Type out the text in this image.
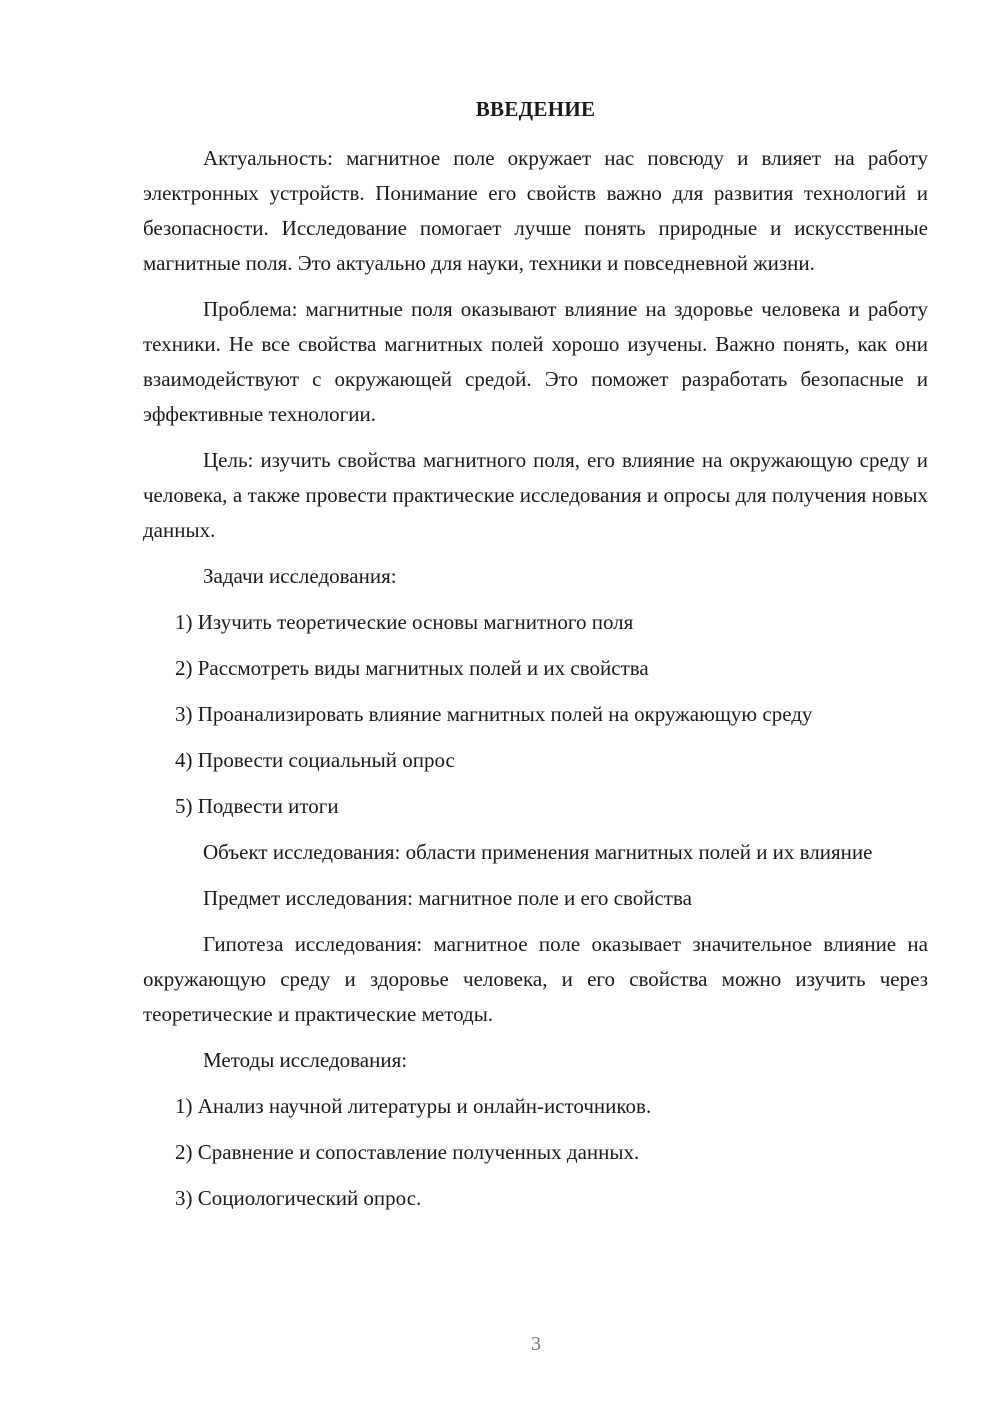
ВВЕДЕНИЕ

Актуальность: магнитное поле окружает нас повсюду и влияет на работу электронных устройств. Понимание его свойств важно для развития технологий и безопасности. Исследование помогает лучше понять природные и искусственные магнитные поля. Это актуально для науки, техники и повседневной жизни.

Проблема: магнитные поля оказывают влияние на здоровье человека и работу техники. Не все свойства магнитных полей хорошо изучены. Важно понять, как они взаимодействуют с окружающей средой. Это поможет разработать безопасные и эффективные технологии.

Цель: изучить свойства магнитного поля, его влияние на окружающую среду и человека, а также провести практические исследования и опросы для получения новых данных.

Задачи исследования:

1) Изучить теоретические основы магнитного поля

2) Рассмотреть виды магнитных полей и их свойства

3) Проанализировать влияние магнитных полей на окружающую среду

4) Провести социальный опрос

5) Подвести итоги

Объект исследования: области применения магнитных полей и их влияние

Предмет исследования: магнитное поле и его свойства

Гипотеза исследования: магнитное поле оказывает значительное влияние на окружающую среду и здоровье человека, и его свойства можно изучить через теоретические и практические методы.

Методы исследования:

1) Анализ научной литературы и онлайн-источников.

2) Сравнение и сопоставление полученных данных.

3) Социологический опрос.

3
